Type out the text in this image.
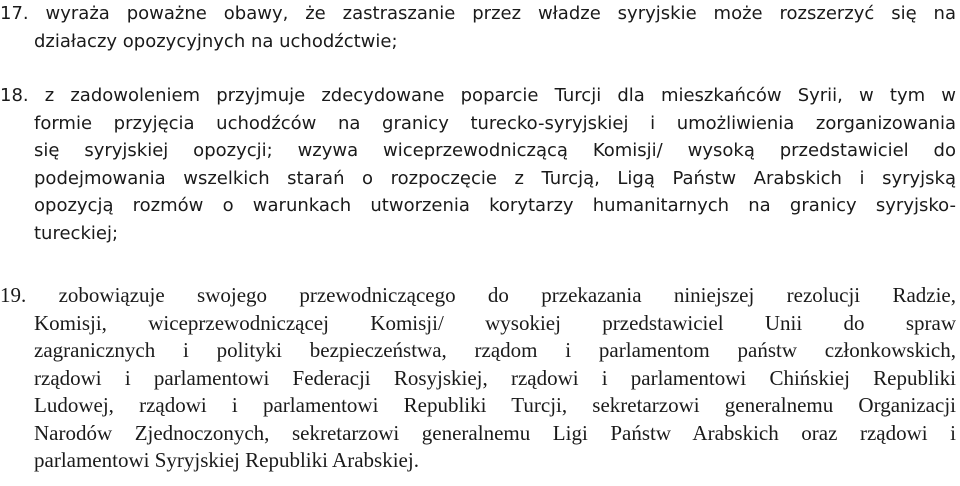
17. wyraża poważne obawy, że zastraszanie przez władze syryjskie może rozszerzyć się na
działaczy opozycyjnych na uchodźctwie;
18. z zadowoleniem przyjmuje zdecydowane poparcie Turcji dla mieszkańców Syrii, w tym w
formie przyjęcia uchodźców na granicy turecko-syryjskiej i umożliwienia zorganizowania
się syryjskiej opozycji; wzywa wiceprzewodniczącą Komisji/ wysoką przedstawiciel do
podejmowania wszelkich starań o rozpoczęcie z Turcją, Ligą Państw Arabskich i syryjską
opozycją rozmów o warunkach utworzenia korytarzy humanitarnych na granicy syryjsko-
tureckiej;
19. zobowiązuje swojego przewodniczącego do przekazania niniejszej rezolucji Radzie,
Komisji, wiceprzewodniczącej Komisji/ wysokiej przedstawiciel Unii do spraw
zagranicznych i polityki bezpieczeństwa, rządom i parlamentom państw członkowskich,
rządowi i parlamentowi Federacji Rosyjskiej, rządowi i parlamentowi Chińskiej Republiki
Ludowej, rządowi i parlamentowi Republiki Turcji, sekretarzowi generalnemu Organizacji
Narodów Zjednoczonych, sekretarzowi generalnemu Ligi Państw Arabskich oraz rządowi i
parlamentowi Syryjskiej Republiki Arabskiej.
